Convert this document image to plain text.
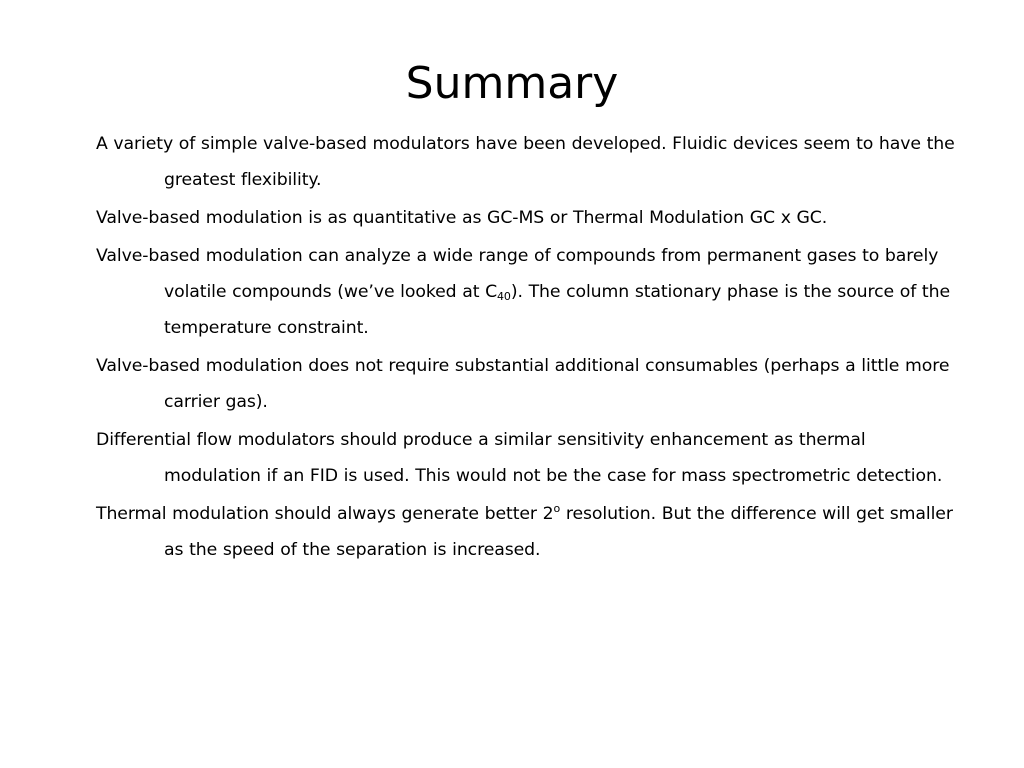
Summary

A variety of simple valve-based modulators have been developed. Fluidic devices seem to have the greatest flexibility.

Valve-based modulation is as quantitative as GC-MS or Thermal Modulation GC x GC.

Valve-based modulation can analyze a wide range of compounds from permanent gases to barely volatile compounds (we’ve looked at $C_{40}$). The column stationary phase is the source of the temperature constraint.

Valve-based modulation does not require substantial additional consumables (perhaps a little more carrier gas).

Differential flow modulators should produce a similar sensitivity enhancement as thermal modulation if an FID is used. This would not be the case for mass spectrometric detection.

Thermal modulation should always generate better 2$^o$ resolution. But the difference will get smaller as the speed of the separation is increased.
